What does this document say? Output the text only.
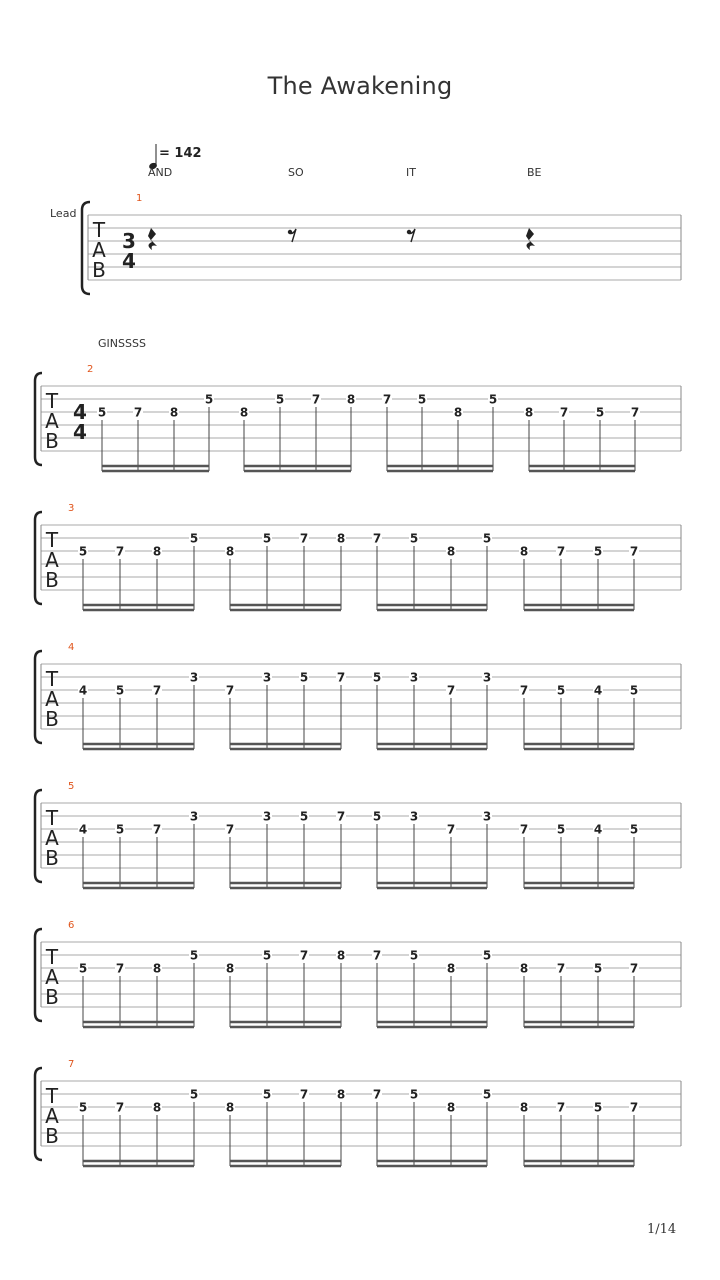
The Awakening
= 142
AND	SO	IT	BE
GINSSSS
Lead
1
2
3
4
5
6
7
T
A
B
3
4
T
A
B
4
4
5 7 8
5
8
5 7 8 7 5
8
5
8 7 5 7
T
A
B
5 7 8
5
8
5 7 8 7 5
8
5
8 7 5 7
T
A
B
4 5 7
3
7
3 5 7 5 3
7
3
7 5 4 5
T
A
B
4 5 7
3
7
3 5 7 5 3
7
3
7 5 4 5
T
A
B
5 7 8
5
8
5 7 8 7 5
8
5
8 7 5 7
T
A
B
5 7 8
5
8
5 7 8 7 5
8
5
8 7 5 7
1/14
